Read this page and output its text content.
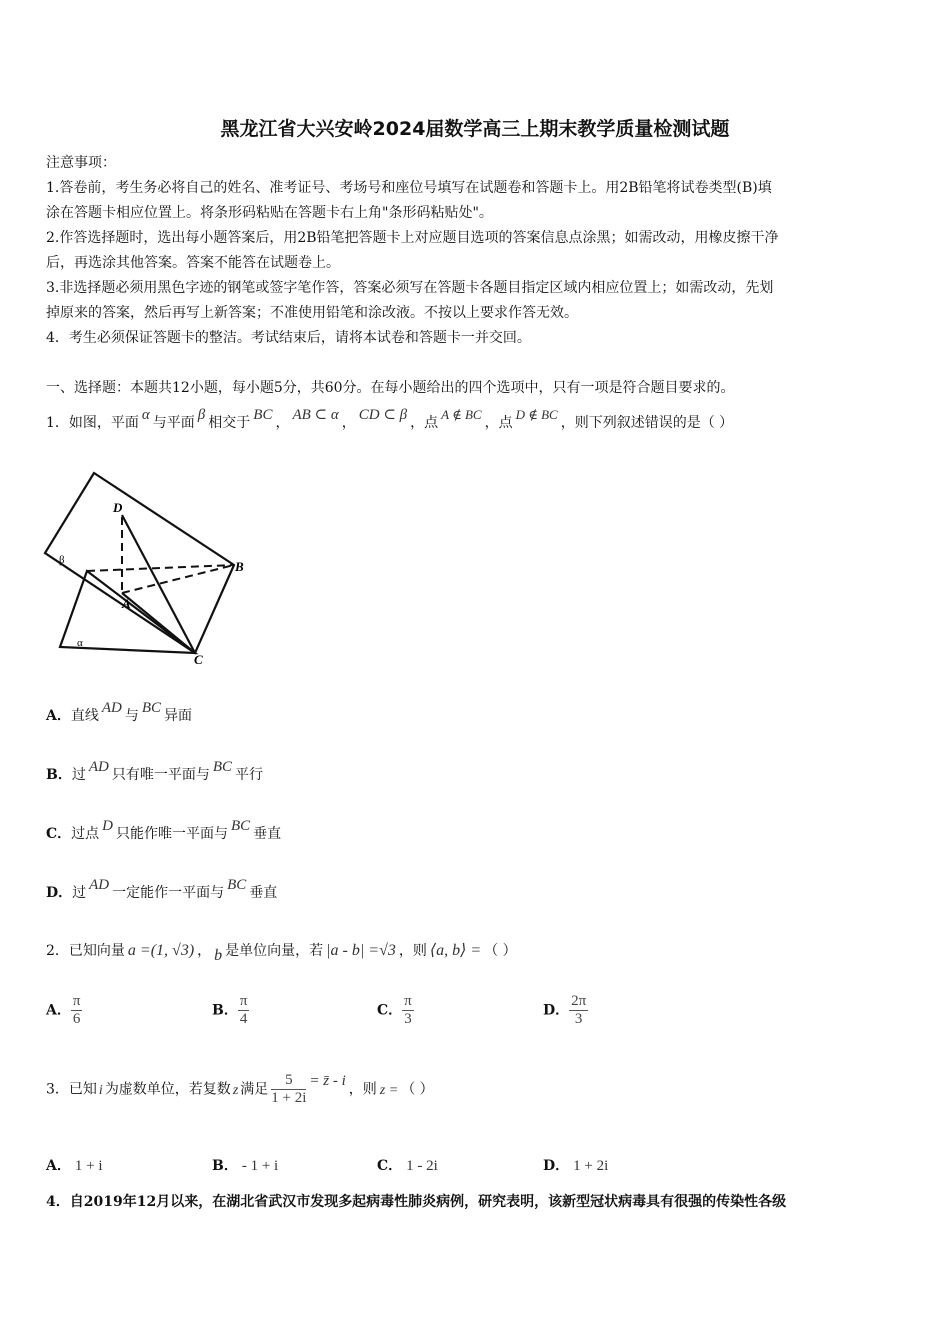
黑龙江省大兴安岭2024届数学高三上期末教学质量检测试题
注意事项：
1.答卷前，考生务必将自己的姓名、准考证号、考场号和座位号填写在试题卷和答题卡上。用2B铅笔将试卷类型(B)填
涂在答题卡相应位置上。将条形码粘贴在答题卡右上角"条形码粘贴处"。
2.作答选择题时，选出每小题答案后，用2B铅笔把答题卡上对应题目选项的答案信息点涂黑；如需改动，用橡皮擦干净
后，再选涂其他答案。答案不能答在试题卷上。
3.非选择题必须用黑色字迹的钢笔或签字笔作答，答案必须写在答题卡各题目指定区域内相应位置上；如需改动，先划
掉原来的答案，然后再写上新答案；不准使用铅笔和涂改液。不按以上要求作答无效。
4．考生必须保证答题卡的整洁。考试结束后，请将本试卷和答题卡一并交回。
一、选择题：本题共12小题，每小题5分，共60分。在每小题给出的四个选项中，只有一项是符合题目要求的。
1．如图，平面 α 与平面 β 相交于 BC ， AB ⊂ α ， CD ⊂ β ，点A ∉ BC，点D ∉ BC，则下列叙述错误的是（ ）
D
B
A
C
β
α
A．直线 AD 与 BC 异面
B．过 AD 只有唯一平面与 BC 平行
C．过点 D 只能作唯一平面与 BC 垂直
D．过 AD 一定能作一平面与 BC 垂直
2．已知向量 a =(1, √3) ， b 是单位向量，若 |a - b| =√3 ，则 ⟨a, b⟩ = （ ）
A． $\frac{\pi}{6}$	B． $\frac{\pi}{4}$	C． $\frac{\pi}{3}$	D． $\frac{2\pi}{3}$
3．已知 i 为虚数单位，若复数 z 满足 $\frac{5}{1 + 2i}$ = z̄ - i，则 z = （ ）
A． 1 + i	B． - 1 + i	C． 1 - 2i	D． 1 + 2i
4．自2019年12月以来，在湖北省武汉市发现多起病毒性肺炎病例，研究表明，该新型冠状病毒具有很强的传染性各级
